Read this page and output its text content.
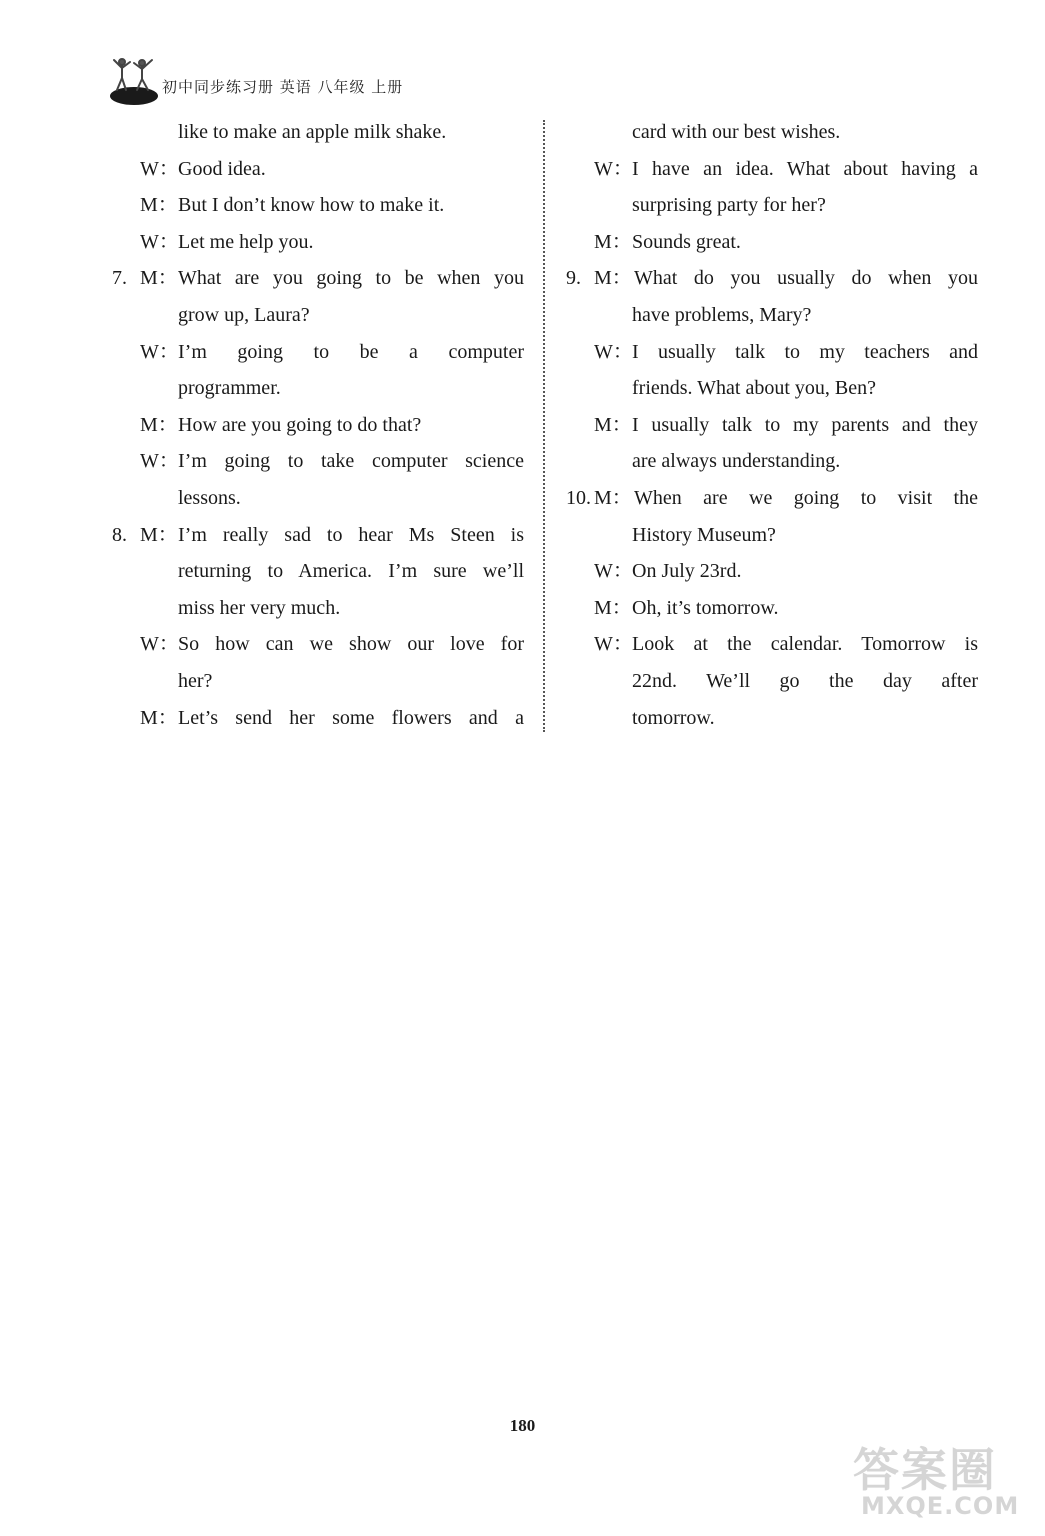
初中同步练习册 英语 八年级 上册
like to make an apple milk shake.
W： Good idea.
M： But I don’t know how to make it.
W： Let me help you.
7. M： What are you going to be when you
grow up, Laura?
W： I’m going to be a computer
programmer.
M： How are you going to do that?
W： I’m going to take computer science
lessons.
8. M： I’m really sad to hear Ms Steen is
returning to America. I’m sure we’ll
miss her very much.
W： So how can we show our love for
her?
M： Let’s send her some flowers and a
card with our best wishes.
W： I have an idea. What about having a
surprising party for her?
M： Sounds great.
9. M： What do you usually do when you
have problems, Mary?
W： I usually talk to my teachers and
friends. What about you, Ben?
M： I usually talk to my parents and they
are always understanding.
10. M： When are we going to visit the
History Museum?
W： On July 23rd.
M： Oh, it’s tomorrow.
W： Look at the calendar. Tomorrow is
22nd. We’ll go the day after
tomorrow.
180
答案圈
MXQE.COM
